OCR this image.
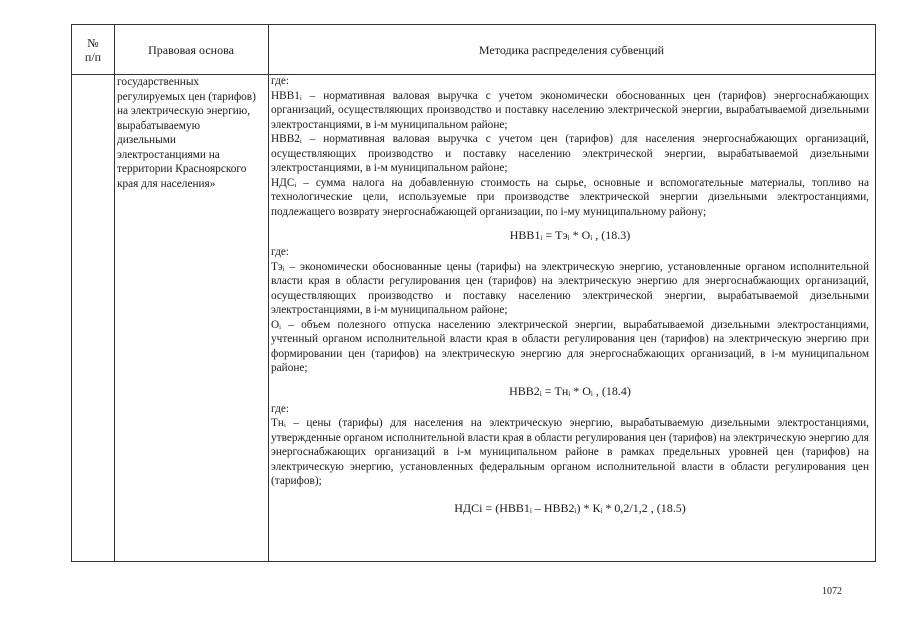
№ п/п	Правовая основа	Методика распределения субвенций
государственных регулируемых цен (тарифов) на электрическую энергию, вырабатываемую дизельными электростанциями на территории Красноярского края для населения»

где:

НВВ1ᵢ – нормативная валовая выручка с учетом экономически обоснованных цен (тарифов) энергоснабжающих организаций, осуществляющих производство и поставку населению электрической энергии, вырабатываемой дизельными электростанциями, в i-м муниципальном районе;

НВВ2ᵢ – нормативная валовая выручка с учетом цен (тарифов) для населения энергоснабжающих организаций, осуществляющих производство и поставку населению электрической энергии, вырабатываемой дизельными электростанциями, в i-м муниципальном районе;

НДСᵢ – сумма налога на добавленную стоимость на сырье, основные и вспомогательные материалы, топливо на технологические цели, используемые при производстве электрической энергии дизельными электростанциями, подлежащего возврату энергоснабжающей организации, по i-му муниципальному району;

НВВ1ᵢ = Тэᵢ * Оᵢ , (18.3)

где:

Тэᵢ – экономически обоснованные цены (тарифы) на электрическую энергию, установленные органом исполнительной власти края в области регулирования цен (тарифов) на электрическую энергию для энергоснабжающих организаций, осуществляющих производство и поставку населению электрической энергии, вырабатываемой дизельными электростанциями, в i-м муниципальном районе;

Оᵢ – объем полезного отпуска населению электрической энергии, вырабатываемой дизельными электростанциями, учтенный органом исполнительной власти края в области регулирования цен (тарифов) на электрическую энергию при формировании цен (тарифов) на электрическую энергию для энергоснабжающих организаций, в i-м муниципальном районе;

НВВ2ᵢ = Тнᵢ * Оᵢ , (18.4)

где:

Тнᵢ – цены (тарифы) для населения на электрическую энергию, вырабатываемую дизельными электростанциями, утвержденные органом исполнительной власти края в области регулирования цен (тарифов) на электрическую энергию для энергоснабжающих организаций в i-м муниципальном районе в рамках предельных уровней цен (тарифов) на электрическую энергию, установленных федеральным органом исполнительной власти в области регулирования цен (тарифов);

НДСi = (НВВ1ᵢ – НВВ2ᵢ) * Кᵢ * 0,2/1,2 , (18.5)

1072
